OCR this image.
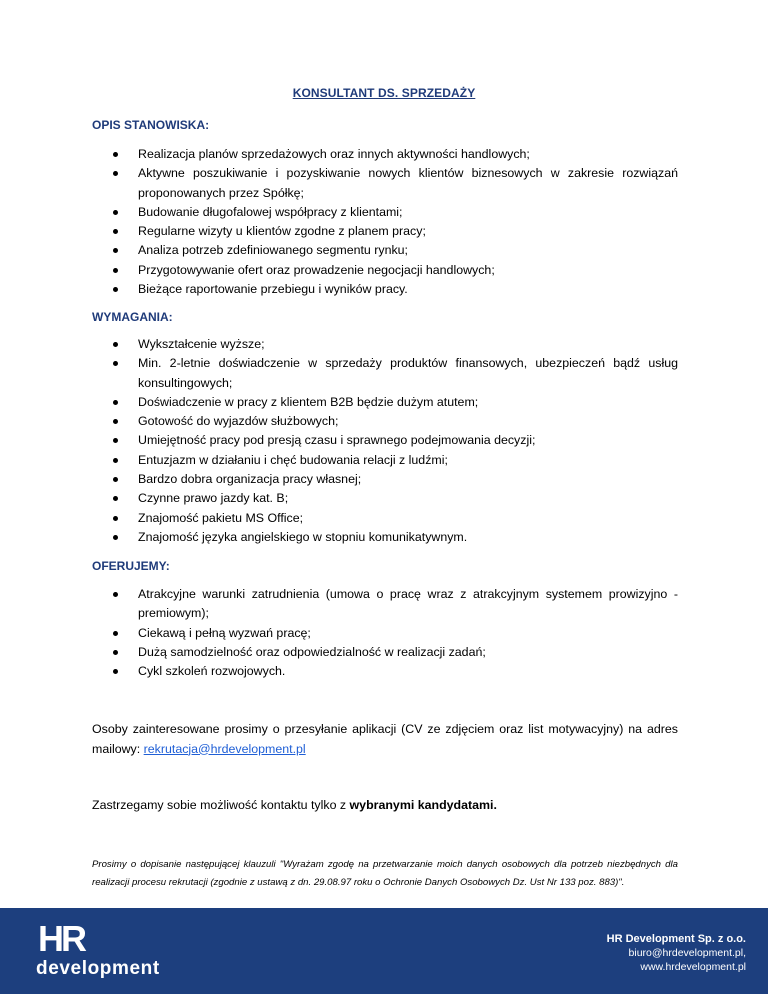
KONSULTANT DS. SPRZEDAŻY
OPIS STANOWISKA:
Realizacja planów sprzedażowych oraz innych aktywności handlowych;
Aktywne poszukiwanie i pozyskiwanie nowych klientów biznesowych w zakresie rozwiązań proponowanych przez Spółkę;
Budowanie długofalowej współpracy z klientami;
Regularne wizyty u klientów zgodne z planem pracy;
Analiza potrzeb zdefiniowanego segmentu rynku;
Przygotowywanie ofert oraz prowadzenie negocjacji handlowych;
Bieżące raportowanie przebiegu i wyników pracy.
WYMAGANIA:
Wykształcenie wyższe;
Min. 2-letnie doświadczenie w sprzedaży produktów finansowych, ubezpieczeń bądź usług konsultingowych;
Doświadczenie w pracy z klientem B2B będzie dużym atutem;
Gotowość do wyjazdów służbowych;
Umiejętność pracy pod presją czasu i sprawnego podejmowania decyzji;
Entuzjazm w działaniu i chęć budowania relacji z ludźmi;
Bardzo dobra organizacja pracy własnej;
Czynne prawo jazdy kat. B;
Znajomość pakietu MS Office;
Znajomość języka angielskiego w stopniu komunikatywnym.
OFERUJEMY:
Atrakcyjne warunki zatrudnienia (umowa o pracę wraz z atrakcyjnym systemem prowizyjno - premiowym);
Ciekawą i pełną wyzwań pracę;
Dużą samodzielność oraz odpowiedzialność w realizacji zadań;
Cykl szkoleń rozwojowych.

Osoby zainteresowane prosimy o przesyłanie aplikacji (CV ze zdjęciem oraz list motywacyjny) na adres mailowy: rekrutacja@hrdevelopment.pl

Zastrzegamy sobie możliwość kontaktu tylko z wybranymi kandydatami.

Prosimy o dopisanie następującej klauzuli "Wyrażam zgodę na przetwarzanie moich danych osobowych dla potrzeb niezbędnych dla realizacji procesu rekrutacji (zgodnie z ustawą z dn. 29.08.97 roku o Ochronie Danych Osobowych Dz. Ust Nr 133 poz. 883)".

HR
development
HR Development Sp. z o.o.
biuro@hrdevelopment.pl,
www.hrdevelopment.pl
